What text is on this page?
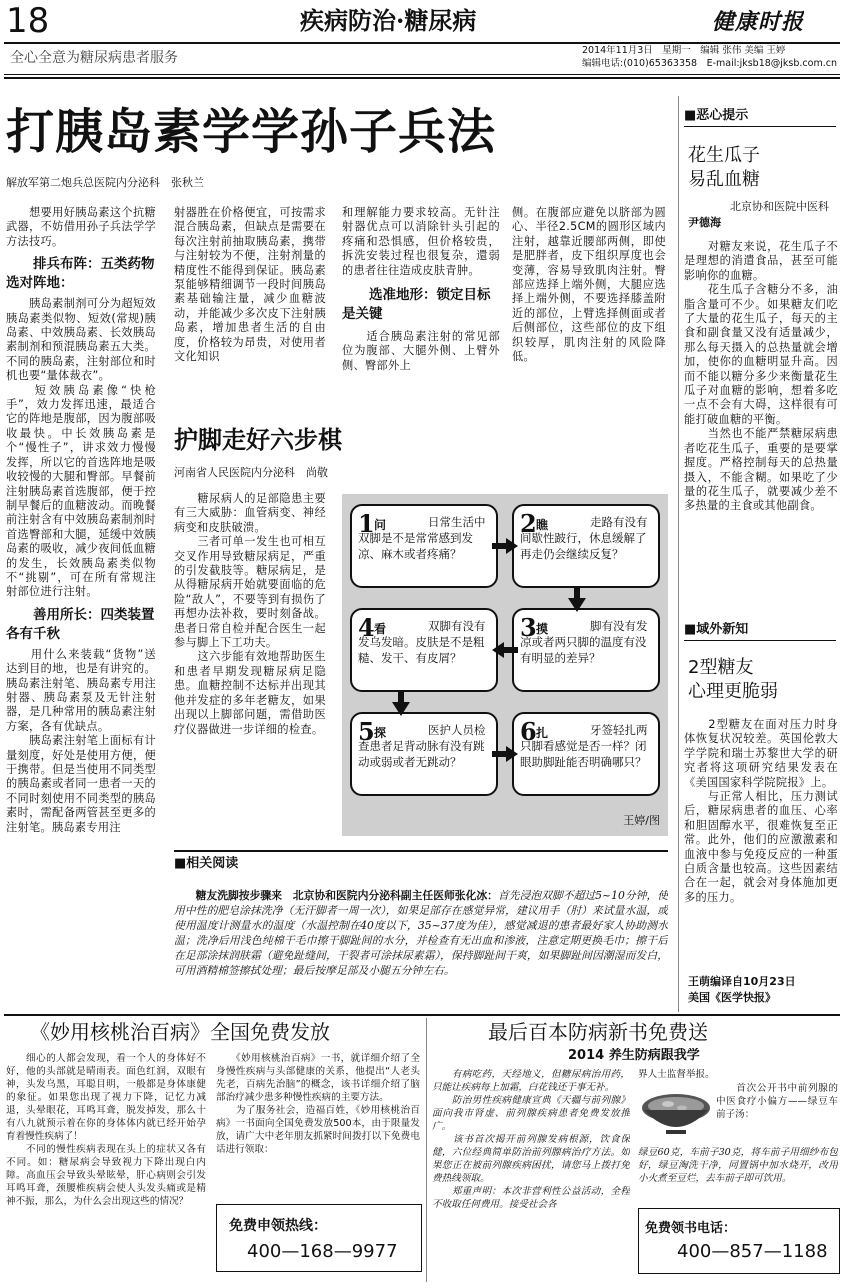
18	疾病防治·糖尿病	健康时报
全心全意为糖尿病患者服务	2014年11月3日　星期一　编辑 张伟 美编 王婷
编辑电话:(010)65363358　E-mail:jksb18@jksb.com.cn
打胰岛素学学孙子兵法
解放军第二炮兵总医院内分泌科　张秋兰
　　想要用好胰岛素这个抗糖武器，不妨借用孙子兵法学学方法技巧。
　　排兵布阵：五类药物选对阵地：
　　胰岛素制剂可分为超短效胰岛素类似物、短效(常规)胰岛素、中效胰岛素、长效胰岛素制剂和预混胰岛素五大类。不同的胰岛素，注射部位和时机也要“量体裁衣”。
　　短效胰岛素像“快枪手”，效力发挥迅速，最适合它的阵地是腹部，因为腹部吸收最快。中长效胰岛素是个“慢性子”，讲求效力慢慢发挥，所以它的首选阵地是吸收较慢的大腿和臀部。早餐前注射胰岛素首选腹部，便于控制早餐后的血糖波动。而晚餐前注射含有中效胰岛素制剂时首选臀部和大腿，延缓中效胰岛素的吸收，减少夜间低血糖的发生，长效胰岛素类似物不“挑剔”，可在所有常规注射部位进行注射。
　　善用所长：四类装置各有千秋
　　用什么来装载“货物”送达到目的地，也是有讲究的。胰岛素注射笔、胰岛素专用注射器、胰岛素泵及无针注射器，是几种常用的胰岛素注射方案，各有优缺点。
　　胰岛素注射笔上面标有计量刻度，好处是使用方便，便于携带。但是当使用不同类型的胰岛素或者同一患者一天的不同时刻使用不同类型的胰岛素时，需配备两管甚至更多的注射笔。胰岛素专用注
射器胜在价格便宜，可按需求混合胰岛素，但缺点是需要在每次注射前抽取胰岛素，携带与注射较为不便，注射剂量的精度性不能得到保证。胰岛素泵能够精细调节一段时间胰岛素基础输注量，减少血糖波动，并能减少多次皮下注射胰岛素，增加患者生活的自由度，价格较为昂贵，对使用者文化知识
和理解能力要求较高。无针注射器优点可以消除针头引起的疼痛和恐惧感，但价格较贵，拆洗安装过程也很复杂，還弱的患者往往造成皮肤青肿。
　　选准地形：锁定目标是关键
　　适合胰岛素注射的常见部位为腹部、大腿外侧、上臂外侧、臀部外上
侧。在腹部应避免以脐部为圆心、半径2.5CM的圆形区域内注射，越靠近腰部两侧，即使是肥胖者，皮下组织厚度也会变薄，容易导致肌肉注射。臀部应选择上端外侧，大腿应选择上端外侧，不要选择膝盖附近的部位，上臂选择侧面或者后侧部位，这些部位的皮下组织较厚，肌肉注射的风险降低。
护脚走好六步棋
河南省人民医院内分泌科　尚敬
　　糖尿病人的足部隐患主要有三大威胁：血管病变、神经病变和皮肤破溃。
　　三者可单一发生也可相互交叉作用导致糖尿病足，严重的引发截肢等。糖尿病足，是从得糖尿病开始就要面临的危险“敌人”，不要等到有损伤了再想办法补救，要时刻备战。患者日常自检并配合医生一起参与脚上下工功夫。
　　这六步能有效地帮助医生和患者早期发现糖尿病足隐患。血糖控制不达标并出现其他并发症的多年老糖友，如果出现以上脚部问题，需借助医疗仪器做进一步详细的检查。
1 问	日常生活中双脚是不是常常感到发凉、麻木或者疼痛？
2 瞧	走路有没有间歇性跛行，休息缓解了再走仍会继续反复？
3 摸	脚有没有发凉或者两只脚的温度有没有明显的差异？
4 看	双脚有没有发乌发暗。皮肤是不是粗糙、发干、有皮屑？
5 探	医护人员检查患者足背动脉有没有跳动或弱或者无跳动？
6 扎	牙签轻扎两只脚看感觉是否一样？闭眼助脚趾能否明确哪只？
王婷/图
■相关阅读
　　糖友洗脚按步骤来　 北京协和医院内分泌科副主任医师张化冰：首先浸泡双脚不超过5~10分钟，使用中性的肥皂涂抹洗净（无汗脚者一周一次），如果足部存在感觉异常，建议用手（肘）来试量水温，或使用温度计测量水的温度（水温控制在40度以下，35~37度为佳），感觉减退的患者最好家人协助测水温；洗净后用浅色纯棉干毛巾擦干脚趾间的水分，并检查有无出血和渗液，注意定期更换毛巾；擦干后在足部涂抹润肤霜（避免趾缝间，干裂者可涂抹尿素霜），保持脚趾间干爽，如果脚趾间因潮湿而发白，可用酒精棉签擦拭处理；最后按摩足部及小腿五分钟左右。
■恶心提示
花生瓜子
易乱血糖
北京协和医院中医科
尹德海
　　对糖友来说，花生瓜子不是理想的消遣食品，甚至可能影响你的血糖。
　　花生瓜子含糖分不多，油脂含量可不少。如果糖友们吃了大量的花生瓜子，每天的主食和副食量又没有适量减少，那么每天摄入的总热量就会增加，使你的血糖明显升高。因而不能以糖分多少来衡量花生瓜子对血糖的影响，想着多吃一点不会有大碍，这样很有可能打破血糖的平衡。
　　当然也不能严禁糖尿病患者吃花生瓜子，重要的是要掌握度。严格控制每天的总热量摄入，不能含糊。如果吃了少量的花生瓜子，就要减少差不多热量的主食或其他副食。
■域外新知
2型糖友
心理更脆弱
　　2型糖友在面对压力时身体恢复状况较差。英国伦敦大学学院和瑞士苏黎世大学的研究者将这项研究结果发表在《美国国家科学院院报》上。
　　与正常人相比，压力测试后，糖尿病患者的血压、心率和胆固醇水平，很难恢复至正常。此外，他们的应激激素和血液中参与免疫反应的一种蛋白质含量也较高。这些因素结合在一起，就会对身体施加更多的压力。
王萌编译自10月23日
美国《医学快报》
《妙用核桃治百病》全国免费发放
　　细心的人都会发现，看一个人的身体好不好，他的头部就是晴雨表。面色红润，双眼有神，头发乌黑，耳聪目明，一般都是身体康健的象征。如果您出现了视力下降，记忆力减退，头晕眼花，耳鸣耳聋，脱发掉发，那么十有八九就预示着在你的身体体内就已经开始孕育着慢性疾病了！
　　不同的慢性疾病表现在头上的症状又各有不同。如：糖尿病会导致视力下降出现白内障。高血压会导致头晕眩晕，肝心病则会引发耳鸣耳聋，颈腰椎疾病会使人头发头痛或是精神不振，那么，为什么会出现这些的情况？
　　《妙用核桃治百病》一书，就详细介绍了全身慢性疾病与头部健康的关系，他提出“人老头先老，百病先治脑”的概念，该书详细介绍了脑部治疗减少患多种慢性疾病的主要方法。
　　为了服务社会，造福百姓，《妙用核桃治百病》一书面向全国免费发放500本，由于限量发放，请广大中老年朋友抓紧时间拨打以下免费电话进行领取：
免费申领热线：
400—168—9977
最后百本防病新书免费送
2014 养生防病跟我学
　　有病吃药，天经地义，但糖尿病治用药，只能让疾病每上加霜，白花钱还于事无补。
　　防治男性疾病健康宣典《天疆与前列腺》面向我市肾虚、前列腺疾病患者免费发放推广。
　　该书首次揭开前列腺发病根源，饮食保健，六位经典简单防治前列腺病治疗方法。如果您正在被前列腺疾病困扰，请您马上拨打免费热线领取。
　　郑重声明：本次非营利性公益活动，全程不收取任何费用。接受社会各
界人士监督举报。
　　首次公开书中前列腺的中医食疗小偏方——绿豆车前子汤：
绿豆60克，车前子30克，将车前子用细纱布包好，绿豆淘洗干净，同置锅中加水烧开，改用小火煮至豆烂，去车前子即可饮用。
免费领书电话：
400—857—1188
